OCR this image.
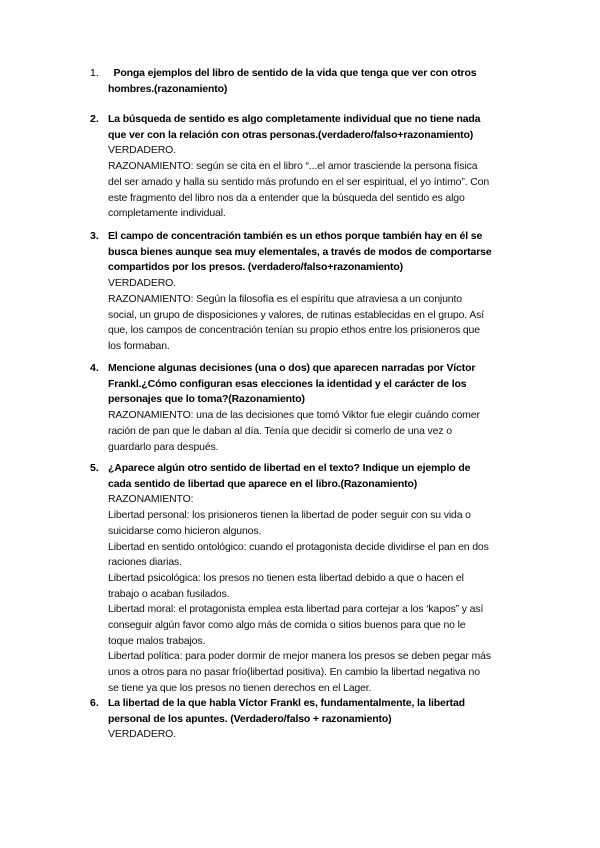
1. Ponga ejemplos del libro de sentido de la vida que tenga que ver con otros
hombres.(razonamiento)
2. La búsqueda de sentido es algo completamente individual que no tiene nada
que ver con la relación con otras personas.(verdadero/falso+razonamiento)
VERDADERO.
RAZONAMIENTO: según se cita en el libro “...el amor trasciende la persona física
del ser amado y halla su sentido más profundo en el ser espiritual, el yo íntimo”. Con
este fragmento del libro nos da a entender que la búsqueda del sentido es algo
completamente individual.
3. El campo de concentración también es un ethos porque también hay en él se
busca bienes aunque sea muy elementales, a través de modos de comportarse
compartidos por los presos. (verdadero/falso+razonamiento)
VERDADERO.
RAZONAMIENTO: Según la filosofía es el espíritu que atraviesa a un conjunto
social, un grupo de disposiciones y valores, de rutinas establecidas en el grupo. Así
que, los campos de concentración tenían su propio ethos entre los prisioneros que
los formaban.
4. Mencione algunas decisiones (una o dos) que aparecen narradas por Víctor
Frankl.¿Cómo configuran esas elecciones la identidad y el carácter de los
personajes que lo toma?(Razonamiento)
RAZONAMIENTO: una de las decisiones que tomó Viktor fue elegir cuándo comer
ración de pan que le daban al día. Tenía que decidir si comerlo de una vez o
guardarlo para después.
5. ¿Aparece algún otro sentido de libertad en el texto? Indique un ejemplo de
cada sentido de libertad que aparece en el libro.(Razonamiento)
RAZONAMIENTO:
Libertad personal: los prisioneros tienen la libertad de poder seguir con su vida o
suicidarse como hicieron algunos.
Libertad en sentido ontológico: cuando el protagonista decide dividirse el pan en dos
raciones diarias.
Libertad psicológica: los presos no tienen esta libertad debido a que o hacen el
trabajo o acaban fusilados.
Libertad moral: el protagonista emplea esta libertad para cortejar a los ‘kapos” y así
conseguir algún favor como algo más de comida o sitios buenos para que no le
toque malos trabajos.
Libertad política: para poder dormir de mejor manera los presos se deben pegar más
unos a otros para no pasar frío(libertad positiva). En cambio la libertad negativa no
se tiene ya que los presos no tienen derechos en el Lager.
6. La libertad de la que habla Víctor Frankl es, fundamentalmente, la libertad
personal de los apuntes. (Verdadero/falso + razonamiento)
VERDADERO.
